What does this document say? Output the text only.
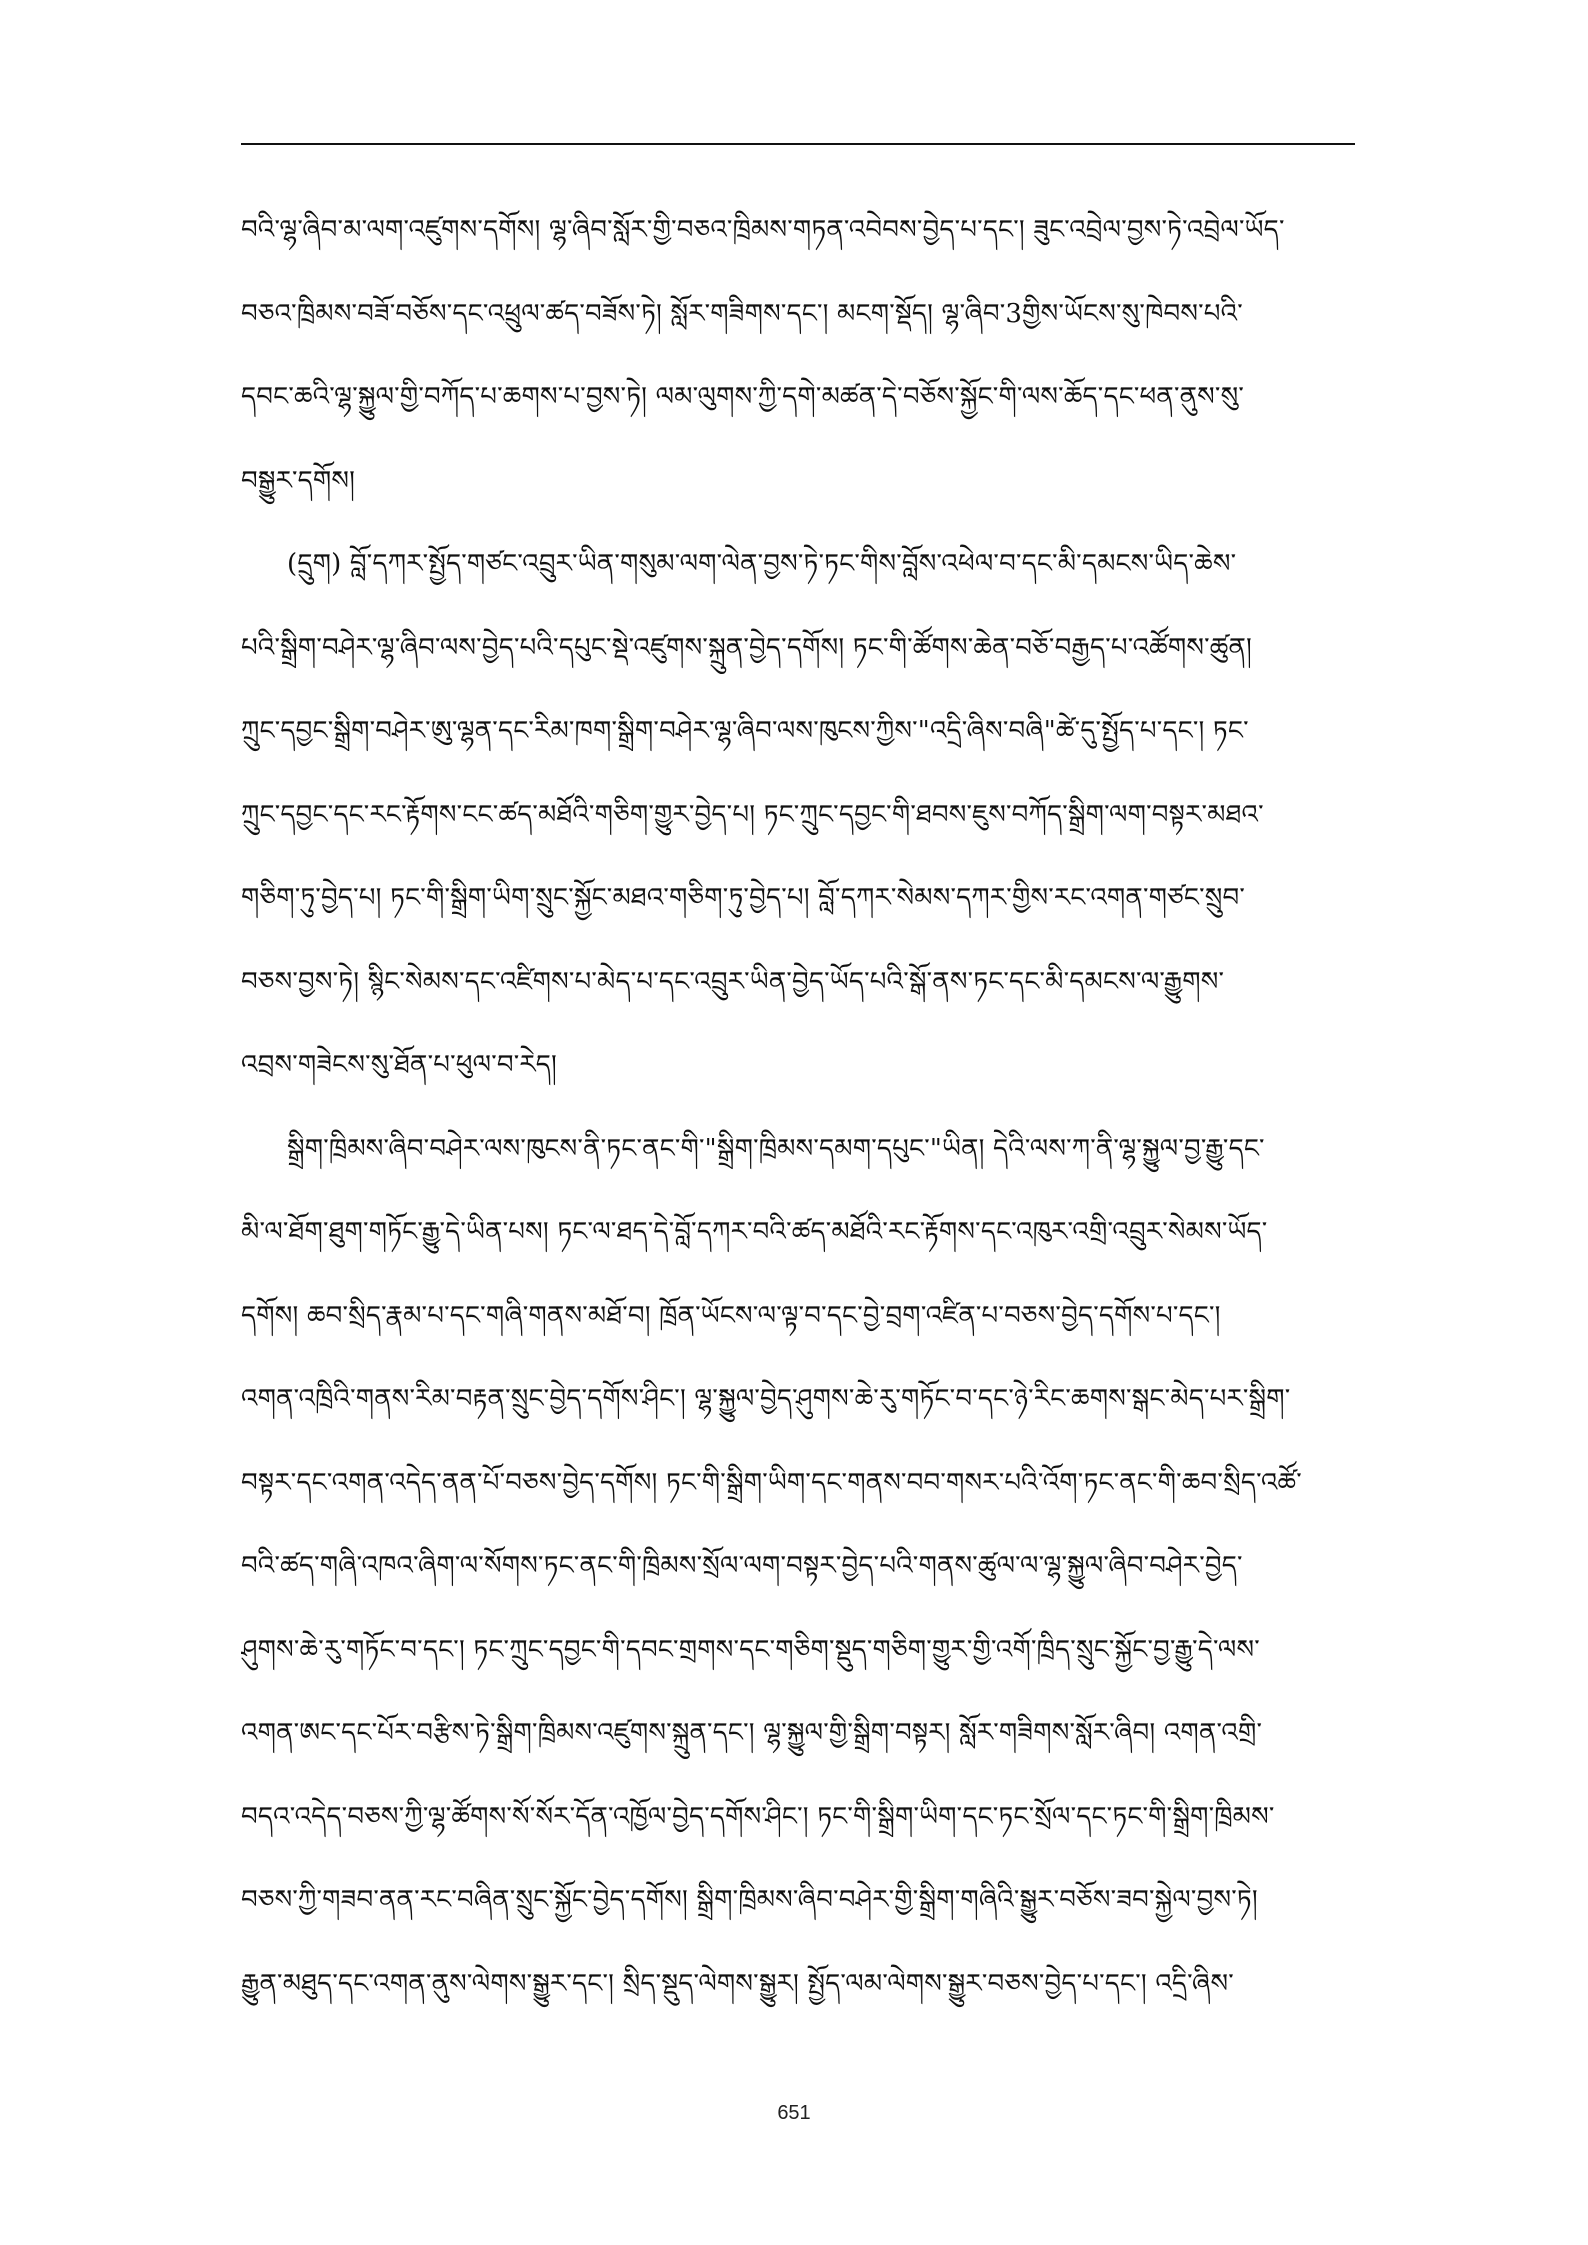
བའི་ལྷ་ཞིབ་མ་ལག་འཛུགས་དགོས། ལྷ་ཞིབ་སློར་གྱི་བཅའ་ཁྲིམས་གཏན་འབེབས་བྱེད་པ་དང་། ཟུང་འབྲེལ་བྱས་ཏེ་འབྲེལ་ཡོད་
བཅའ་ཁྲིམས་བཟོ་བཅོས་དང་འཕྲུལ་ཚད་བཟོས་ཏེ། སློར་གཟིགས་དང་། མངག་སྡོད། ལྷ་ཞིབ་3གྱིས་ཡོངས་སུ་ཁེབས་པའི་
དབང་ཆའི་ལྷ་སྐྱུལ་གྱི་བཀོད་པ་ཆགས་པ་བྱས་ཏེ། ལམ་ལུགས་ཀྱི་དགེ་མཚན་དེ་བཅོས་སྐྱོང་གི་ལས་ཆོད་དང་ཕན་ནུས་སུ་
བསྒྱུར་དགོས།
(དྲུག) བློ་དཀར་སྤྱོད་གཙང་འབྲུར་ཡིན་གསུམ་ལག་ལེན་བྱས་ཏེ་ཏང་གིས་བློས་འཕེལ་བ་དང་མི་དམངས་ཡིད་ཆེས་
པའི་སྒྲིག་བཤེར་ལྷ་ཞིབ་ལས་བྱེད་པའི་དཔུང་སྡེ་འཛུགས་སྐྲུན་བྱེད་དགོས། ཏང་གི་ཚོགས་ཆེན་བཅོ་བརྒྱད་པ་འཚོགས་ཚུན།
ཀྲུང་དབྱང་སྒྲིག་བཤེར་ཨུ་ལྷན་དང་རིམ་ཁག་སྒྲིག་བཤེར་ལྷ་ཞིབ་ལས་ཁུངས་ཀྱིས་"འདྲི་ཞིས་བཞི"ཚེ་དུ་སྤྱོད་པ་དང་། ཏང་
ཀྲུང་དབྱང་དང་རང་རྟོགས་ངང་ཚད་མཐོའི་གཅིག་གྱུར་བྱེད་པ། ཏང་ཀྲུང་དབྱང་གི་ཐབས་ཇུས་བཀོད་སྒྲིག་ལག་བསྟར་མཐའ་
གཅིག་ཏུ་བྱེད་པ། ཏང་གི་སྒྲིག་ཡིག་སྲུང་སྐྱོང་མཐའ་གཅིག་ཏུ་བྱེད་པ། བློ་དཀར་སེམས་དཀར་གྱིས་རང་འགན་གཙང་སྲུབ་
བཅས་བྱས་ཏེ། སྙིང་སེམས་དང་འཛིགས་པ་མེད་པ་དང་འབྲུར་ཡིན་བྱེད་ཡོད་པའི་སྒོ་ནས་ཏང་དང་མི་དམངས་ལ་རྒྱུགས་
འབྲས་གཟེངས་སུ་ཐོན་པ་ཕུལ་བ་རེད།
སྒྲིག་ཁྲིམས་ཞིབ་བཤེར་ལས་ཁུངས་ནི་ཏང་ནང་གི་"སྒྲིག་ཁྲིམས་དམག་དཔུང་"ཡིན། དེའི་ལས་ཀ་ནི་ལྷ་སྐྱུལ་བྱ་རྒྱུ་དང་
མི་ལ་ཐོག་ཐུག་གཏོང་རྒྱུ་དེ་ཡིན་པས། ཏང་ལ་ཐད་དེ་བློ་དཀར་བའི་ཚད་མཐོའི་རང་རྟོགས་དང་འཁུར་འགྲི་འབྲུར་སེམས་ཡོད་
དགོས། ཆབ་སྲིད་རྣམ་པ་དང་གཞི་གནས་མཐོ་བ། ཁྲོན་ཡོངས་ལ་ལྟ་བ་དང་བྱེ་བྲག་འཛིན་པ་བཅས་བྱེད་དགོས་པ་དང་།
འགན་འཁྲིའི་གནས་རིམ་བརྟན་སྲུང་བྱེད་དགོས་ཤིང་། ལྷ་སྐྱུལ་བྱེད་ཤུགས་ཆེ་རུ་གཏོང་བ་དང་ཉེ་རིང་ཆགས་སྒང་མེད་པར་སྒྲིག་
བསྟར་དང་འགན་འདེད་ནན་པོ་བཅས་བྱེད་དགོས། ཏང་གི་སྒྲིག་ཡིག་དང་གནས་བབ་གསར་པའི་འོག་ཏང་ནང་གི་ཆབ་སྲིད་འཚོ་
བའི་ཚད་གཞི་འཁའ་ཞིག་ལ་སོགས་ཏང་ནང་གི་ཁྲིམས་སྲོལ་ལག་བསྟར་བྱེད་པའི་གནས་ཚུལ་ལ་ལྷ་སྐྱུལ་ཞིབ་བཤེར་བྱེད་
ཤུགས་ཆེ་རུ་གཏོང་བ་དང་། ཏང་ཀྲུང་དབྱང་གི་དབང་གྲགས་དང་གཅིག་སྡུད་གཅིག་གྱུར་གྱི་འགོ་ཁྲིད་སྲུང་སྐྱོང་བྱ་རྒྱུ་དེ་ལས་
འགན་ཨང་དང་པོར་བརྩིས་ཏེ་སྒྲིག་ཁྲིམས་འཛུགས་སྐྲུན་དང་། ལྷ་སྐྱུལ་གྱི་སྒྲིག་བསྟར། སློར་གཟིགས་སློར་ཞིབ། འགན་འགྲི་
བདའ་འདེད་བཅས་ཀྱི་ལྷ་ཚོགས་སོ་སོར་དོན་འཁྱོལ་བྱེད་དགོས་ཤིང་། ཏང་གི་སྒྲིག་ཡིག་དང་ཏང་སྲོལ་དང་ཏང་གི་སྒྲིག་ཁྲིམས་
བཅས་ཀྱི་གཟབ་ནན་རང་བཞིན་སྲུང་སྐྱོང་བྱེད་དགོས། སྒྲིག་ཁྲིམས་ཞིབ་བཤེར་གྱི་སྒྲིག་གཞིའི་སྒྱུར་བཅོས་ཟབ་སྐྱེལ་བྱས་ཏེ།
རྒྱུན་མཐུད་དང་འགན་ནུས་ལེགས་སྒྱུར་དང་། སྲིད་སྡུད་ལེགས་སྒྱུར། སྤྱོད་ལམ་ལེགས་སྒྱུར་བཅས་བྱེད་པ་དང་། འདྲི་ཞིས་
651
